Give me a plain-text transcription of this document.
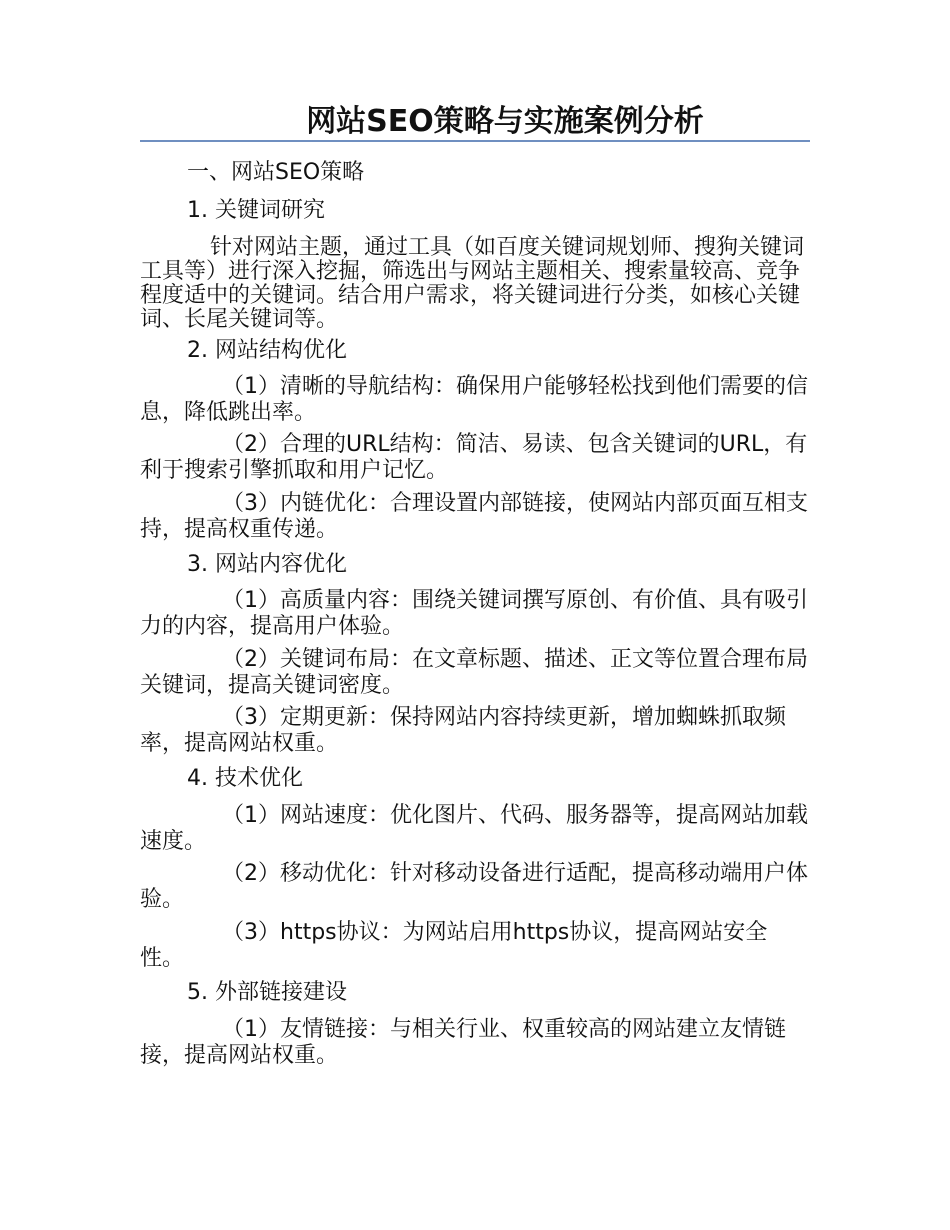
网站SEO策略与实施案例分析
一、网站SEO策略
1. 关键词研究
针对网站主题，通过工具（如百度关键词规划师、搜狗关键词工具等）进行深入挖掘，筛选出与网站主题相关、搜索量较高、竞争程度适中的关键词。结合用户需求，将关键词进行分类，如核心关键词、长尾关键词等。
2. 网站结构优化
（1）清晰的导航结构：确保用户能够轻松找到他们需要的信息，降低跳出率。
（2）合理的URL结构：简洁、易读、包含关键词的URL，有利于搜索引擎抓取和用户记忆。
（3）内链优化：合理设置内部链接，使网站内部页面互相支持，提高权重传递。
3. 网站内容优化
（1）高质量内容：围绕关键词撰写原创、有价值、具有吸引力的内容，提高用户体验。
（2）关键词布局：在文章标题、描述、正文等位置合理布局关键词，提高关键词密度。
（3）定期更新：保持网站内容持续更新，增加蜘蛛抓取频率，提高网站权重。
4. 技术优化
（1）网站速度：优化图片、代码、服务器等，提高网站加载速度。
（2）移动优化：针对移动设备进行适配，提高移动端用户体验。
（3）https协议：为网站启用https协议，提高网站安全性。
5. 外部链接建设
（1）友情链接：与相关行业、权重较高的网站建立友情链接，提高网站权重。
